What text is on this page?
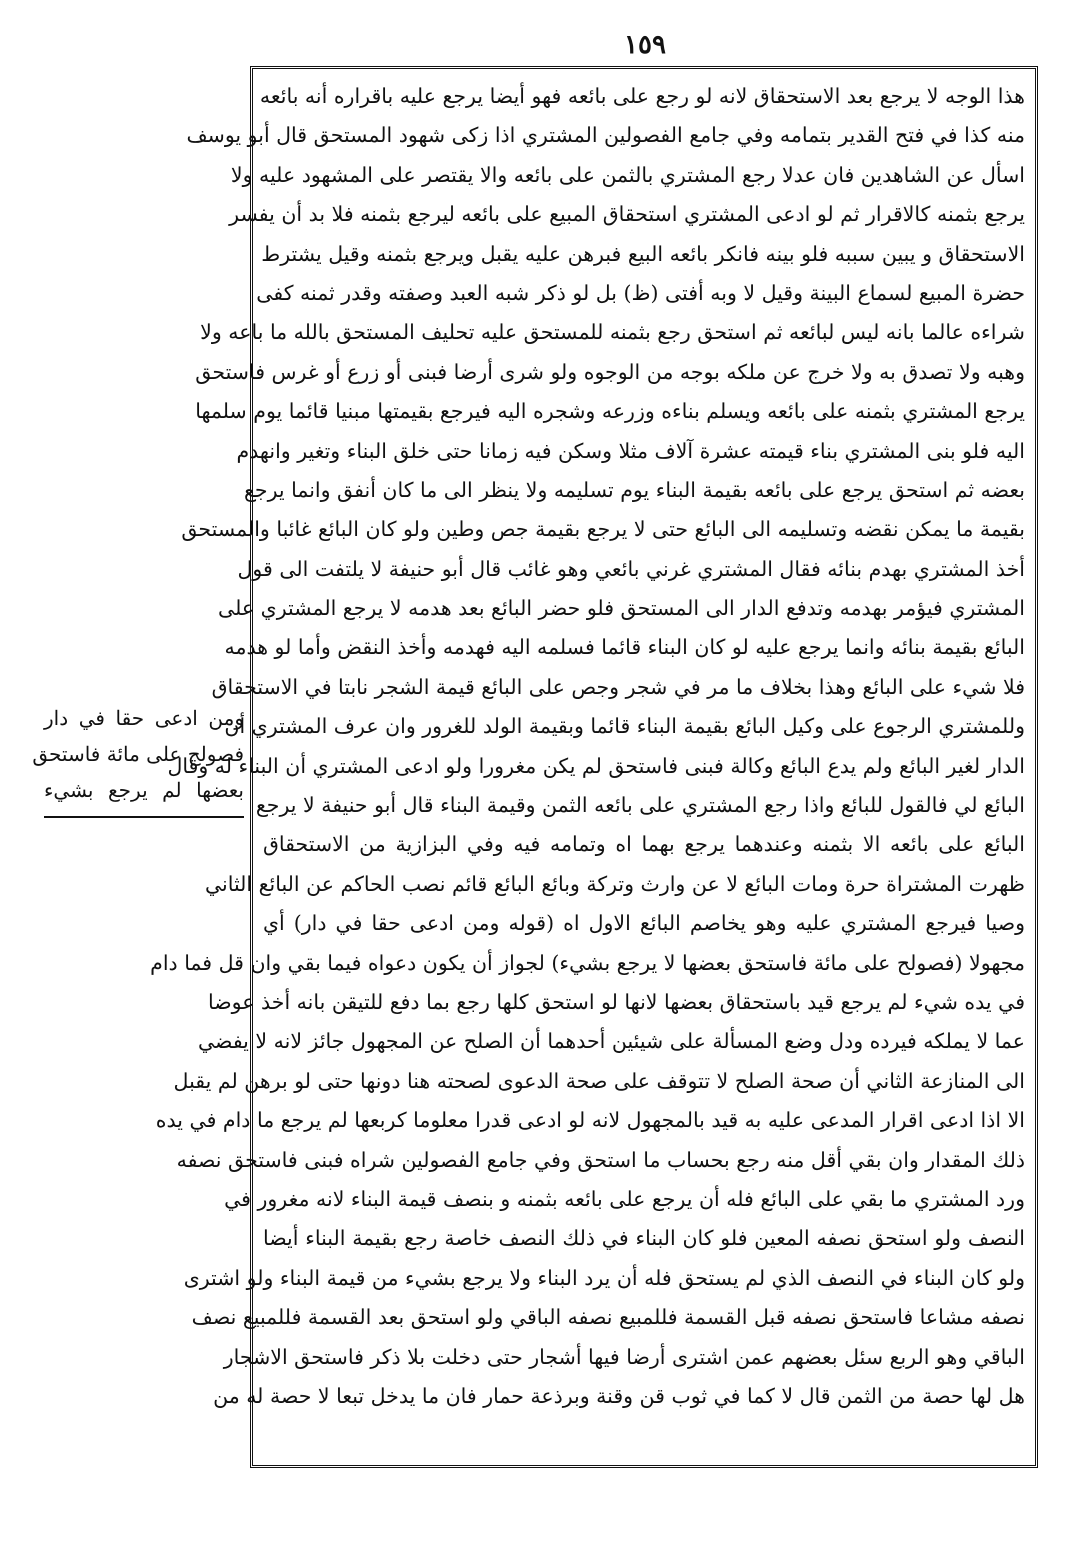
١٥٩
هذا الوجه لا يرجع بعد الاستحقاق لانه لو رجع على بائعه فهو أيضا يرجع عليه باقراره أنه بائعه
منه كذا في فتح القدير بتمامه وفي جامع الفصولين المشتري اذا زكى شهود المستحق قال أبو يوسف
اسأل عن الشاهدين فان عدلا رجع المشتري بالثمن على بائعه والا يقتصر على المشهود عليه ولا
يرجع بثمنه كالاقرار ثم لو ادعى المشتري استحقاق المبيع على بائعه ليرجع بثمنه فلا بد أن يفسر
الاستحقاق و يبين سببه فلو بينه فانكر بائعه البيع فبرهن عليه يقبل ويرجع بثمنه وقيل يشترط
حضرة المبيع لسماع البينة وقيل لا وبه أفتى (ظ) بل لو ذكر شبه العبد وصفته وقدر ثمنه كفى
شراءه عالما بانه ليس لبائعه ثم استحق رجع بثمنه للمستحق عليه تحليف المستحق بالله ما باعه ولا
وهبه ولا تصدق به ولا خرج عن ملكه بوجه من الوجوه ولو شرى أرضا فبنى أو زرع أو غرس فاستحق
يرجع المشتري بثمنه على بائعه ويسلم بناءه وزرعه وشجره اليه فيرجع بقيمتها مبنيا قائما يوم سلمها
اليه فلو بنى المشتري بناء قيمته عشرة آلاف مثلا وسكن فيه زمانا حتى خلق البناء وتغير وانهدم
بعضه ثم استحق يرجع على بائعه بقيمة البناء يوم تسليمه ولا ينظر الى ما كان أنفق وانما يرجع
بقيمة ما يمكن نقضه وتسليمه الى البائع حتى لا يرجع بقيمة جص وطين ولو كان البائع غائبا والمستحق
أخذ المشتري بهدم بنائه فقال المشتري غرني بائعي وهو غائب قال أبو حنيفة لا يلتفت الى قول
المشتري فيؤمر بهدمه وتدفع الدار الى المستحق فلو حضر البائع بعد هدمه لا يرجع المشتري على
البائع بقيمة بنائه وانما يرجع عليه لو كان البناء قائما فسلمه اليه فهدمه وأخذ النقض وأما لو هدمه
فلا شيء على البائع وهذا بخلاف ما مر في شجر وجص على البائع قيمة الشجر نابتا في الاستحقاق
وللمشتري الرجوع على وكيل البائع بقيمة البناء قائما وبقيمة الولد للغرور وان عرف المشتري أن
الدار لغير البائع ولم يدع البائع وكالة فبنى فاستحق لم يكن مغرورا ولو ادعى المشتري أن البناء له وقال
البائع لي فالقول للبائع واذا رجع المشتري على بائعه الثمن وقيمة البناء قال أبو حنيفة لا يرجع
البائع على بائعه الا بثمنه وعندهما يرجع بهما اه وتمامه فيه وفي البزازية من الاستحقاق
ظهرت المشتراة حرة ومات البائع لا عن وارث وتركة وبائع البائع قائم نصب الحاكم عن البائع الثاني
وصيا فيرجع المشتري عليه وهو يخاصم البائع الاول اه (قوله ومن ادعى حقا في دار) أي
مجهولا (فصولح على مائة فاستحق بعضها لا يرجع بشيء) لجواز أن يكون دعواه فيما بقي وان قل فما دام
في يده شيء لم يرجع قيد باستحقاق بعضها لانها لو استحق كلها رجع بما دفع للتيقن بانه أخذ عوضا
عما لا يملكه فيرده ودل وضع المسألة على شيئين أحدهما أن الصلح عن المجهول جائز لانه لا يفضي
الى المنازعة الثاني أن صحة الصلح لا تتوقف على صحة الدعوى لصحته هنا دونها حتى لو برهن لم يقبل
الا اذا ادعى اقرار المدعى عليه به قيد بالمجهول لانه لو ادعى قدرا معلوما كربعها لم يرجع ما دام في يده
ذلك المقدار وان بقي أقل منه رجع بحساب ما استحق وفي جامع الفصولين شراه فبنى فاستحق نصفه
ورد المشتري ما بقي على البائع فله أن يرجع على بائعه بثمنه و بنصف قيمة البناء لانه مغرور في
النصف ولو استحق نصفه المعين فلو كان البناء في ذلك النصف خاصة رجع بقيمة البناء أيضا
ولو كان البناء في النصف الذي لم يستحق فله أن يرد البناء ولا يرجع بشيء من قيمة البناء ولو اشترى
نصفه مشاعا فاستحق نصفه قبل القسمة فللمبيع نصفه الباقي ولو استحق بعد القسمة فللمبيع نصف
الباقي وهو الربع سئل بعضهم عمن اشترى أرضا فيها أشجار حتى دخلت بلا ذكر فاستحق الاشجار
هل لها حصة من الثمن قال لا كما في ثوب قن وقنة وبرذعة حمار فان ما يدخل تبعا لا حصة له من
ومن ادعى حقا في دار
فصولح على مائة فاستحق
بعضها لم يرجع بشيء
